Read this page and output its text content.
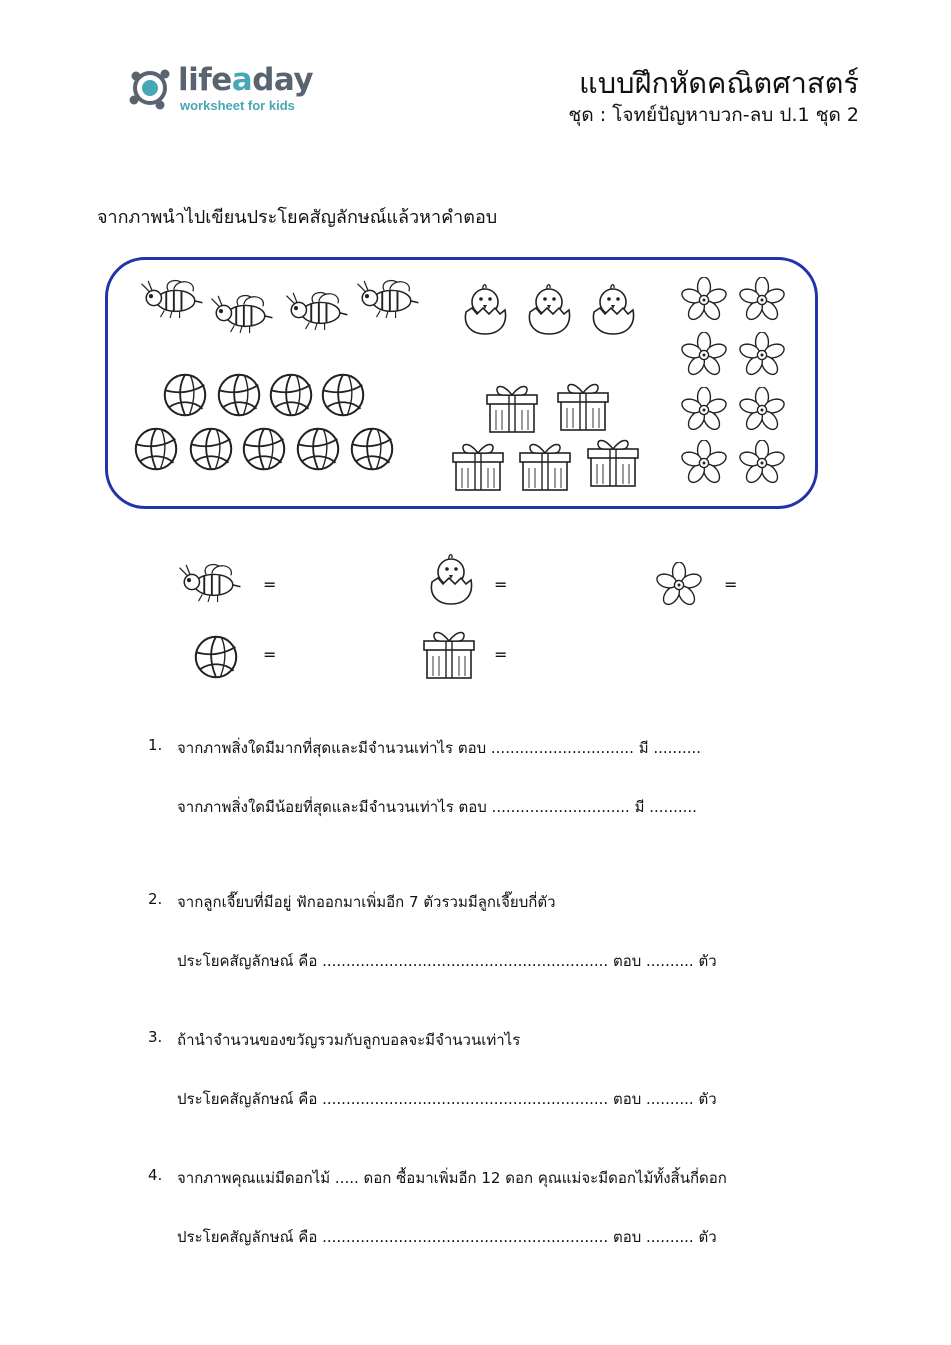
lifeaday
worksheet for kids
แบบฝึกหัดคณิตศาสตร์
ชุด : โจทย์ปัญหาบวก-ลบ ป.1 ชุด 2
จากภาพนำไปเขียนประโยคสัญลักษณ์แล้วหาคำตอบ
=	=	=
=	=
1. จากภาพสิ่งใดมีมากที่สุดและมีจำนวนเท่าไร ตอบ .............................. มี ..........
จากภาพสิ่งใดมีน้อยที่สุดและมีจำนวนเท่าไร ตอบ ............................. มี ..........
2. จากลูกเจี๊ยบที่มีอยู่ ฟักออกมาเพิ่มอีก 7 ตัวรวมมีลูกเจี๊ยบกี่ตัว
ประโยคสัญลักษณ์ คือ ............................................................ ตอบ .......... ตัว
3. ถ้านำจำนวนของขวัญรวมกับลูกบอลจะมีจำนวนเท่าไร
ประโยคสัญลักษณ์ คือ ............................................................ ตอบ .......... ตัว
4. จากภาพคุณแม่มีดอกไม้ ..... ดอก ซื้อมาเพิ่มอีก 12 ดอก คุณแม่จะมีดอกไม้ทั้งสิ้นกี่ดอก
ประโยคสัญลักษณ์ คือ ............................................................ ตอบ .......... ตัว
